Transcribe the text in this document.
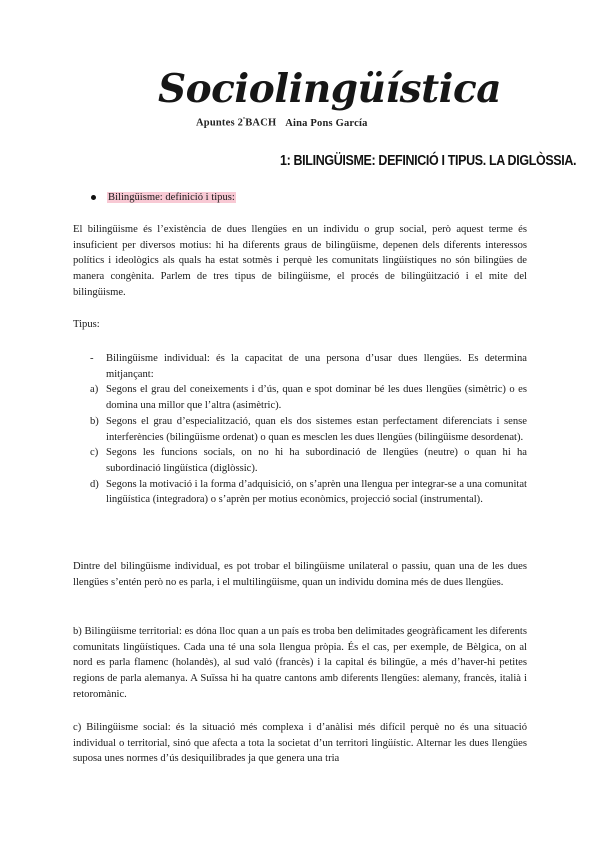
Sociolingüística

Apuntes $2^ºBACH$ Aina Pons García

1: BILINGÜISME: DEFINICIÓ I TIPUS. LA DIGLÒSSIA.
Bilingüisme: definició i tipus:

El bilingüisme és l’existència de dues llengües en un individu o grup social, però aquest terme és insuficient per diversos motius: hi ha diferents graus de bilingüisme, depenen dels diferents interessos polítics i ideològics als quals ha estat sotmès i perquè les comunitats lingüístiques no són bilingües de manera congènita. Parlem de tres tipus de bilingüisme, el procés de bilingüització i el mite del bilingüisme.

Tipus:

- Bilingüisme individual: és la capacitat de una persona d’usar dues llengües. Es determina mitjançant:
a) Segons el grau del coneixements i d’ús, quan e spot dominar bé les dues llengües (simètric) o es domina una millor que l’altra (asimètric).
b) Segons el grau d’especialització, quan els dos sistemes estan perfectament diferenciats i sense interferències (bilingüisme ordenat) o quan es mesclen les dues llengües (bilingüisme desordenat).
c) Segons les funcions socials, on no hi ha subordinació de llengües (neutre) o quan hi ha subordinació lingüística (diglòssic).
d) Segons la motivació i la forma d’adquisició, on s’aprèn una llengua per integrar-se a una comunitat lingüística (integradora) o s’aprèn per motius econòmics, projecció social (instrumental).

Dintre del bilingüisme individual, es pot trobar el bilingüisme unilateral o passiu, quan una de les dues llengües s’entén però no es parla, i el multilingüisme, quan un individu domina més de dues llengües.

b) Bilingüisme territorial: es dóna lloc quan a un país es troba ben delimitades geogràficament les diferents comunitats lingüístiques. Cada una té una sola llengua pròpia. És el cas, per exemple, de Bèlgica, on al nord es parla flamenc (holandès), al sud való (francès) i la capital és bilingüe, a més d’haver-hi petites regions de parla alemanya. A Suïssa hi ha quatre cantons amb diferents llengües: alemany, francès, italià i retoromànic.

c) Bilingüisme social: és la situació més complexa i d’anàlisi més difícil perquè no és una situació individual o territorial, sinó que afecta a tota la societat d’un territori lingüístic. Alternar les dues llengües suposa unes normes d’ús desiquilibrades ja que genera una tria
